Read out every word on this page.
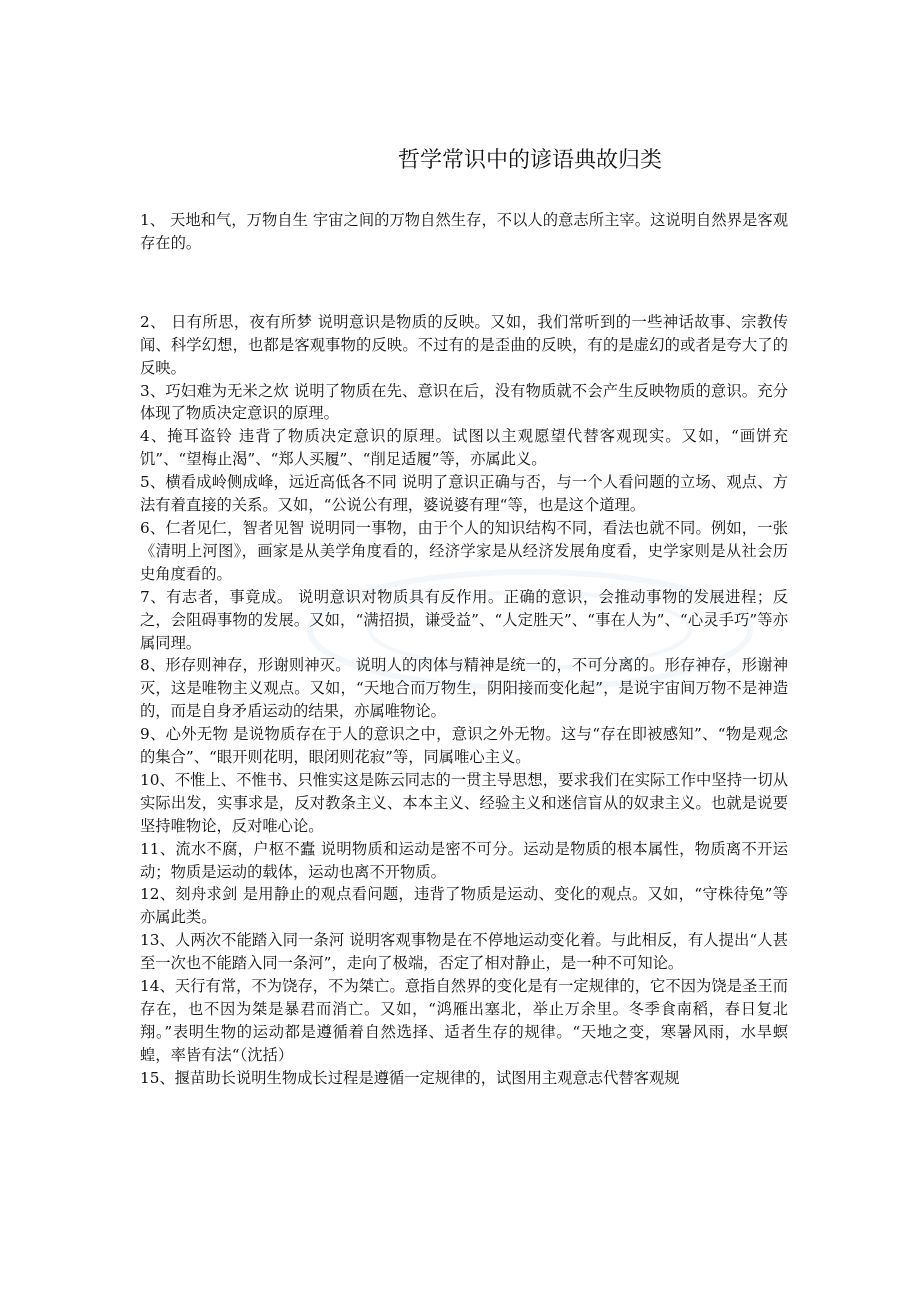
哲学常识中的谚语典故归类

1、 天地和气，万物自生 宇宙之间的万物自然生存，不以人的意志所主宰。这说明自然界是客观存在的。

2、 日有所思，夜有所梦 说明意识是物质的反映。又如，我们常听到的一些神话故事、宗教传闻、科学幻想，也都是客观事物的反映。不过有的是歪曲的反映，有的是虚幻的或者是夸大了的反映。

3、巧妇难为无米之炊 说明了物质在先、意识在后，没有物质就不会产生反映物质的意识。充分体现了物质决定意识的原理。

4、掩耳盗铃 违背了物质决定意识的原理。试图以主观愿望代替客观现实。又如，“画饼充饥”、“望梅止渴”、“郑人买履”、“削足适履”等，亦属此义。

5、横看成岭侧成峰，远近高低各不同 说明了意识正确与否，与一个人看问题的立场、观点、方法有着直接的关系。又如，“公说公有理，婆说婆有理“等，也是这个道理。

6、仁者见仁，智者见智 说明同一事物，由于个人的知识结构不同，看法也就不同。例如，一张《清明上河图》，画家是从美学角度看的，经济学家是从经济发展角度看，史学家则是从社会历史角度看的。

7、有志者，事竟成。 说明意识对物质具有反作用。正确的意识，会推动事物的发展进程；反之，会阻碍事物的发展。又如，“满招损，谦受益”、“人定胜天”、“事在人为”、“心灵手巧”等亦属同理。

8、形存则神存，形谢则神灭。 说明人的肉体与精神是统一的，不可分离的。形存神存，形谢神灭，这是唯物主义观点。又如，“天地合而万物生，阴阳接而变化起”，是说宇宙间万物不是神造的，而是自身矛盾运动的结果，亦属唯物论。

9、心外无物 是说物质存在于人的意识之中，意识之外无物。这与“存在即被感知”、“物是观念的集合”、“眼开则花明，眼闭则花寂”等，同属唯心主义。

10、不惟上、不惟书、只惟实这是陈云同志的一贯主导思想，要求我们在实际工作中坚持一切从实际出发，实事求是，反对教条主义、本本主义、经验主义和迷信盲从的奴隶主义。也就是说要坚持唯物论，反对唯心论。

11、流水不腐，户枢不蠹 说明物质和运动是密不可分。运动是物质的根本属性，物质离不开运动；物质是运动的载体，运动也离不开物质。

12、刻舟求剑 是用静止的观点看问题，违背了物质是运动、变化的观点。又如，“守株待兔”等亦属此类。

13、人两次不能踏入同一条河 说明客观事物是在不停地运动变化着。与此相反，有人提出“人甚至一次也不能踏入同一条河”，走向了极端，否定了相对静止，是一种不可知论。

14、天行有常，不为饶存，不为桀亡。意指自然界的变化是有一定规律的，它不因为饶是圣王而存在，也不因为桀是暴君而消亡。又如，“鸿雁出塞北，举止万余里。冬季食南稻，春日复北翔。”表明生物的运动都是遵循着自然选择、适者生存的规律。“天地之变，寒暑风雨，水旱螟蝗，率皆有法“（沈括）

15、揠苗助长说明生物成长过程是遵循一定规律的，试图用主观意志代替客观规
